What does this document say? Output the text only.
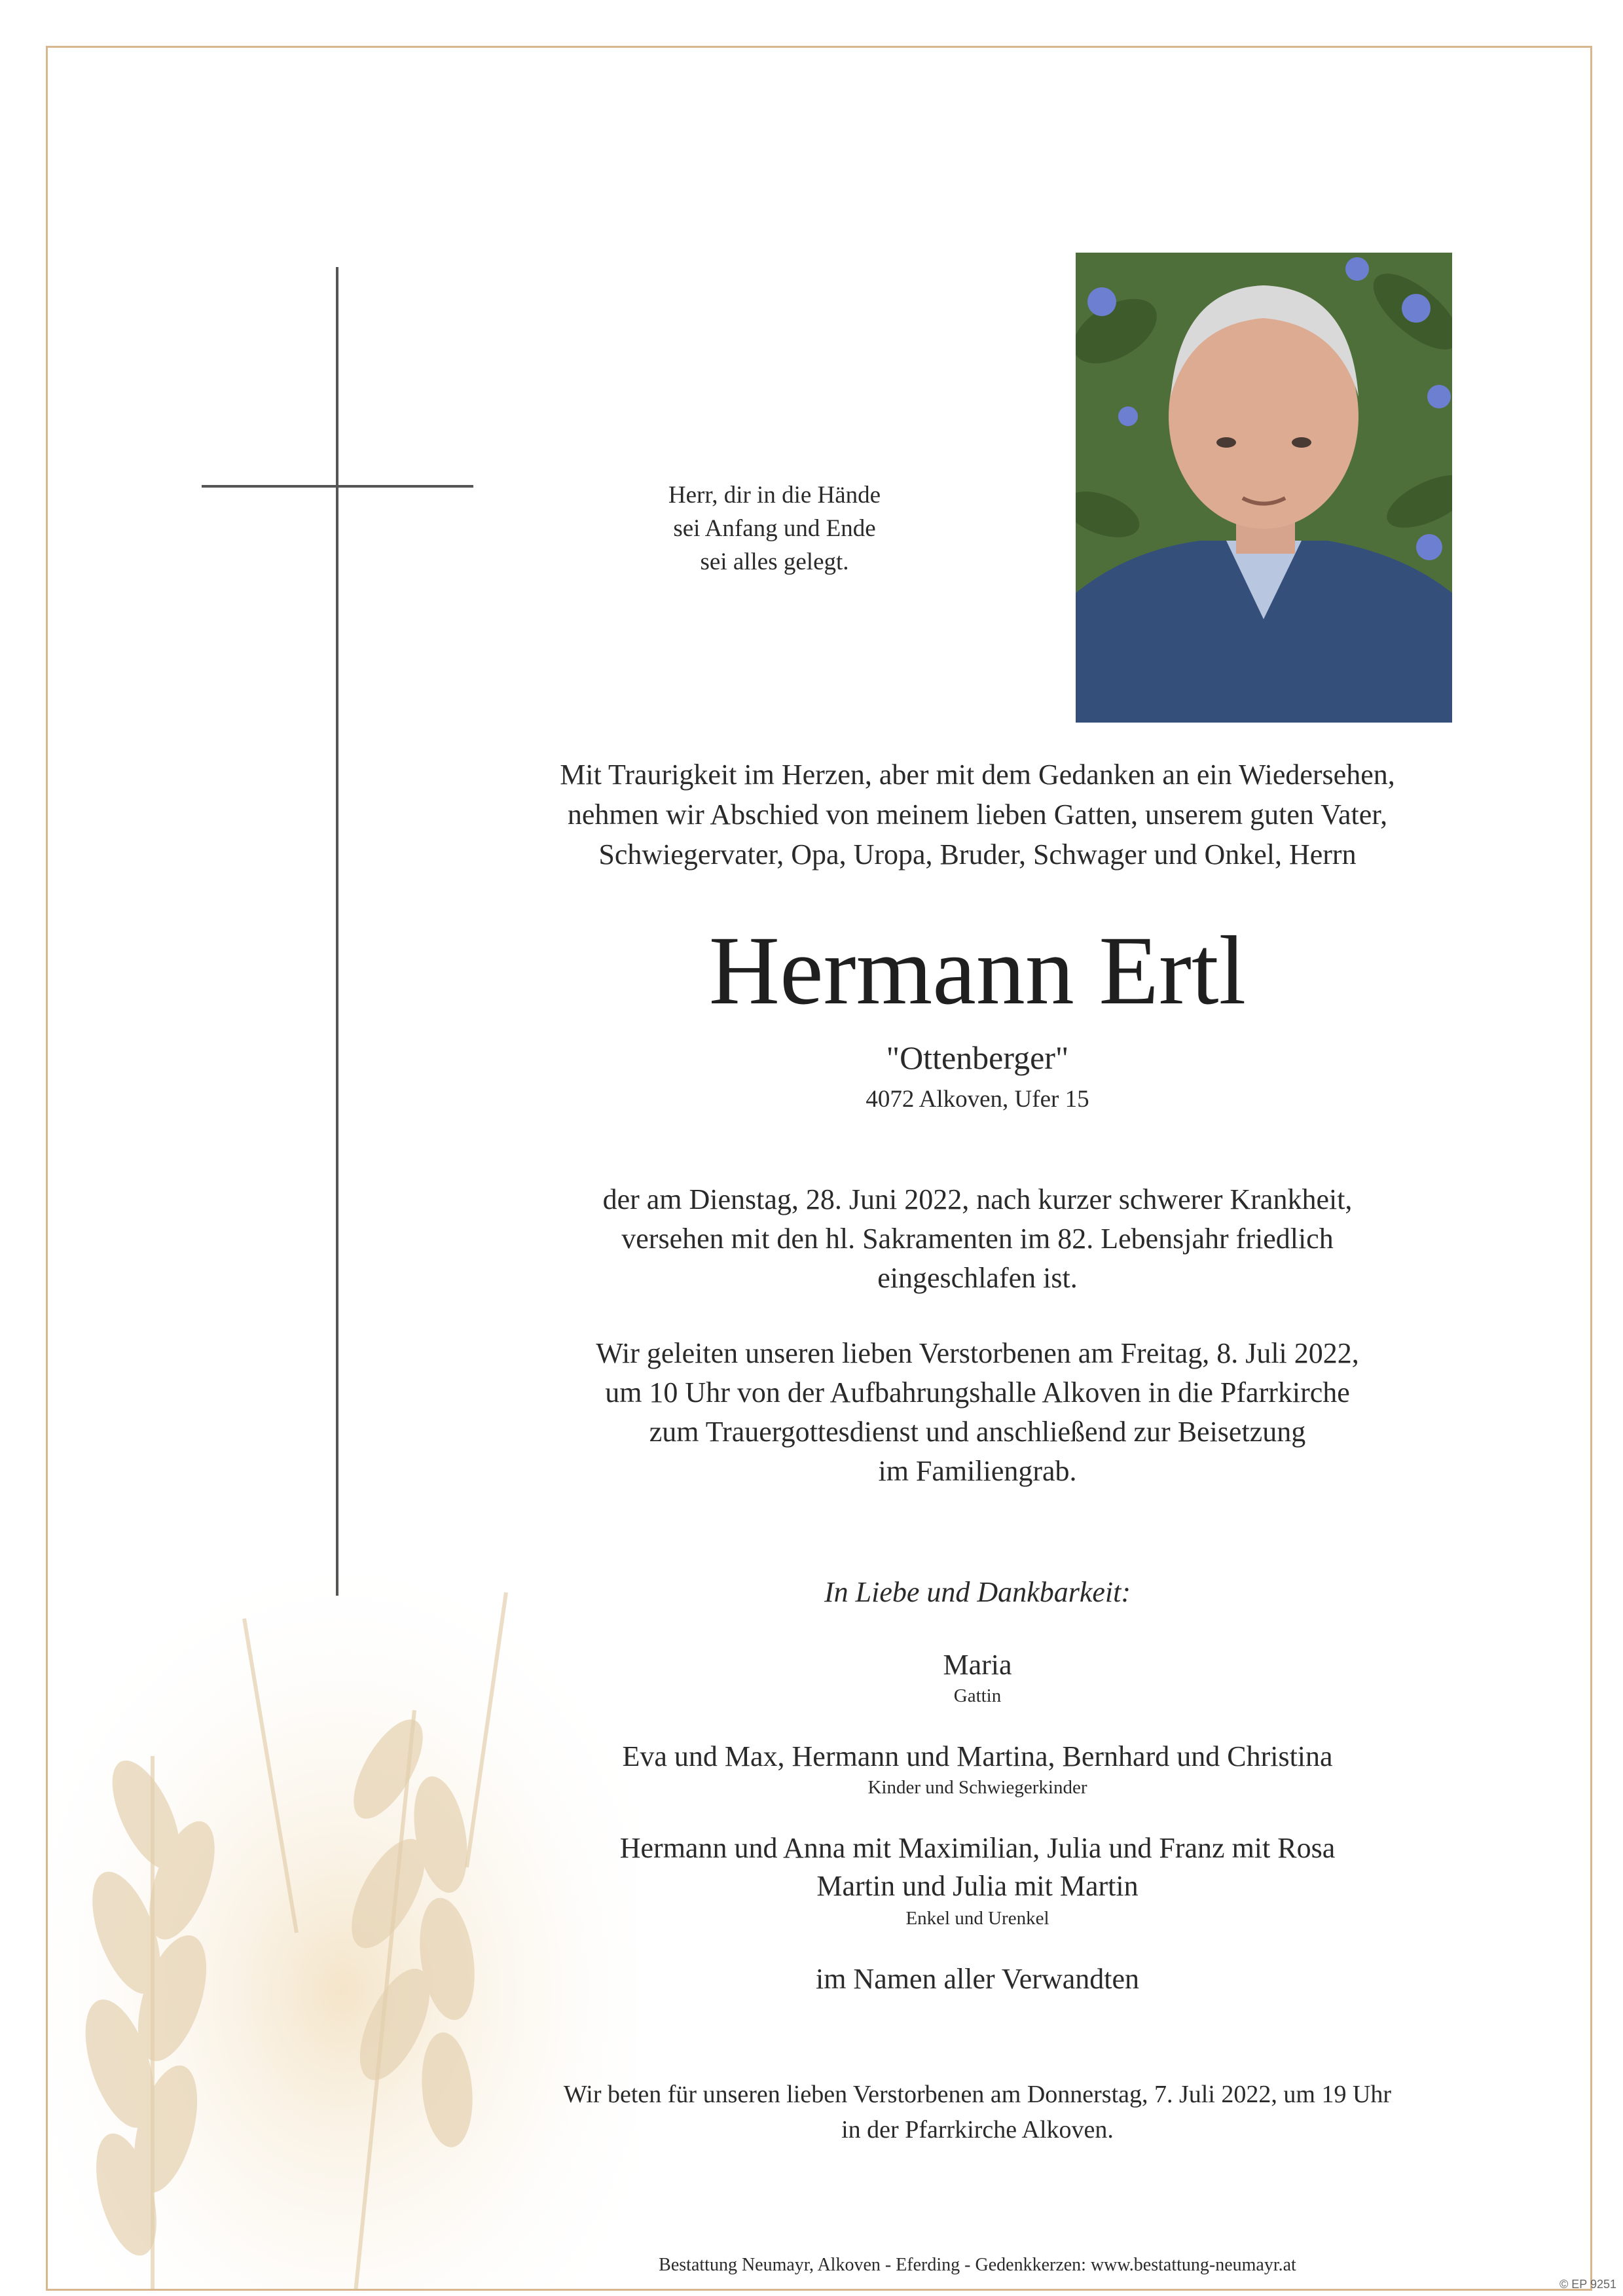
Herr, dir in die Hände
sei Anfang und Ende
sei alles gelegt.
Mit Traurigkeit im Herzen, aber mit dem Gedanken an ein Wiedersehen,
nehmen wir Abschied von meinem lieben Gatten, unserem guten Vater,
Schwiegervater, Opa, Uropa, Bruder, Schwager und Onkel, Herrn
Hermann Ertl
"Ottenberger"
4072 Alkoven, Ufer 15
der am Dienstag, 28. Juni 2022, nach kurzer schwerer Krankheit,
versehen mit den hl. Sakramenten im 82. Lebensjahr friedlich
eingeschlafen ist.
Wir geleiten unseren lieben Verstorbenen am Freitag, 8. Juli 2022,
um 10 Uhr von der Aufbahrungshalle Alkoven in die Pfarrkirche
zum Trauergottesdienst und anschließend zur Beisetzung
im Familiengrab.
In Liebe und Dankbarkeit:
Maria
Gattin
Eva und Max, Hermann und Martina, Bernhard und Christina
Kinder und Schwiegerkinder
Hermann und Anna mit Maximilian, Julia und Franz mit Rosa
Martin und Julia mit Martin
Enkel und Urenkel
im Namen aller Verwandten
Wir beten für unseren lieben Verstorbenen am Donnerstag, 7. Juli 2022, um 19 Uhr
in der Pfarrkirche Alkoven.
Bestattung Neumayr, Alkoven - Eferding - Gedenkkerzen: www.bestattung-neumayr.at
© EP 9251
